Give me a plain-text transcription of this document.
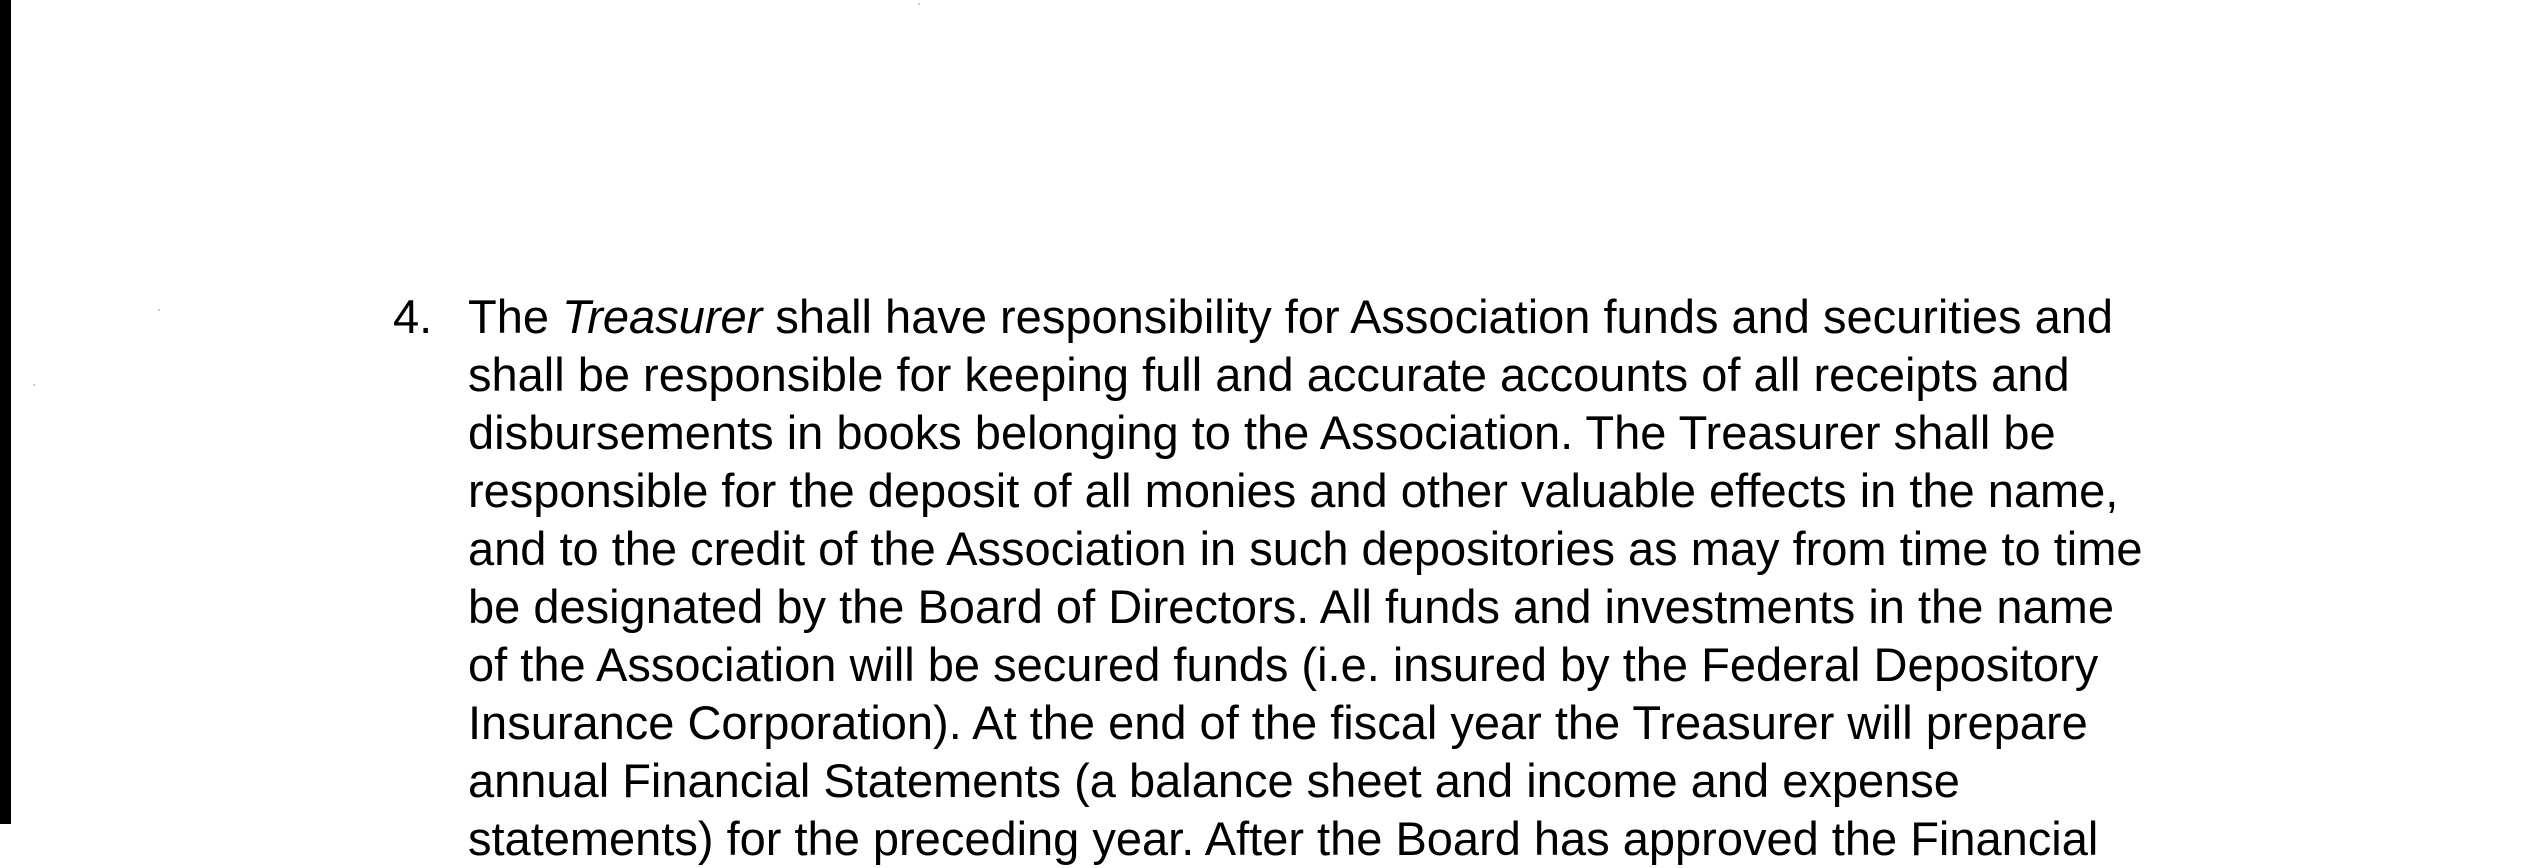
4. The Treasurer shall have responsibility for Association funds and securities and
shall be responsible for keeping full and accurate accounts of all receipts and
disbursements in books belonging to the Association. The Treasurer shall be
responsible for the deposit of all monies and other valuable effects in the name,
and to the credit of the Association in such depositories as may from time to time
be designated by the Board of Directors. All funds and investments in the name
of the Association will be secured funds (i.e. insured by the Federal Depository
Insurance Corporation). At the end of the fiscal year the Treasurer will prepare
annual Financial Statements (a balance sheet and income and expense
statements) for the preceding year. After the Board has approved the Financial
